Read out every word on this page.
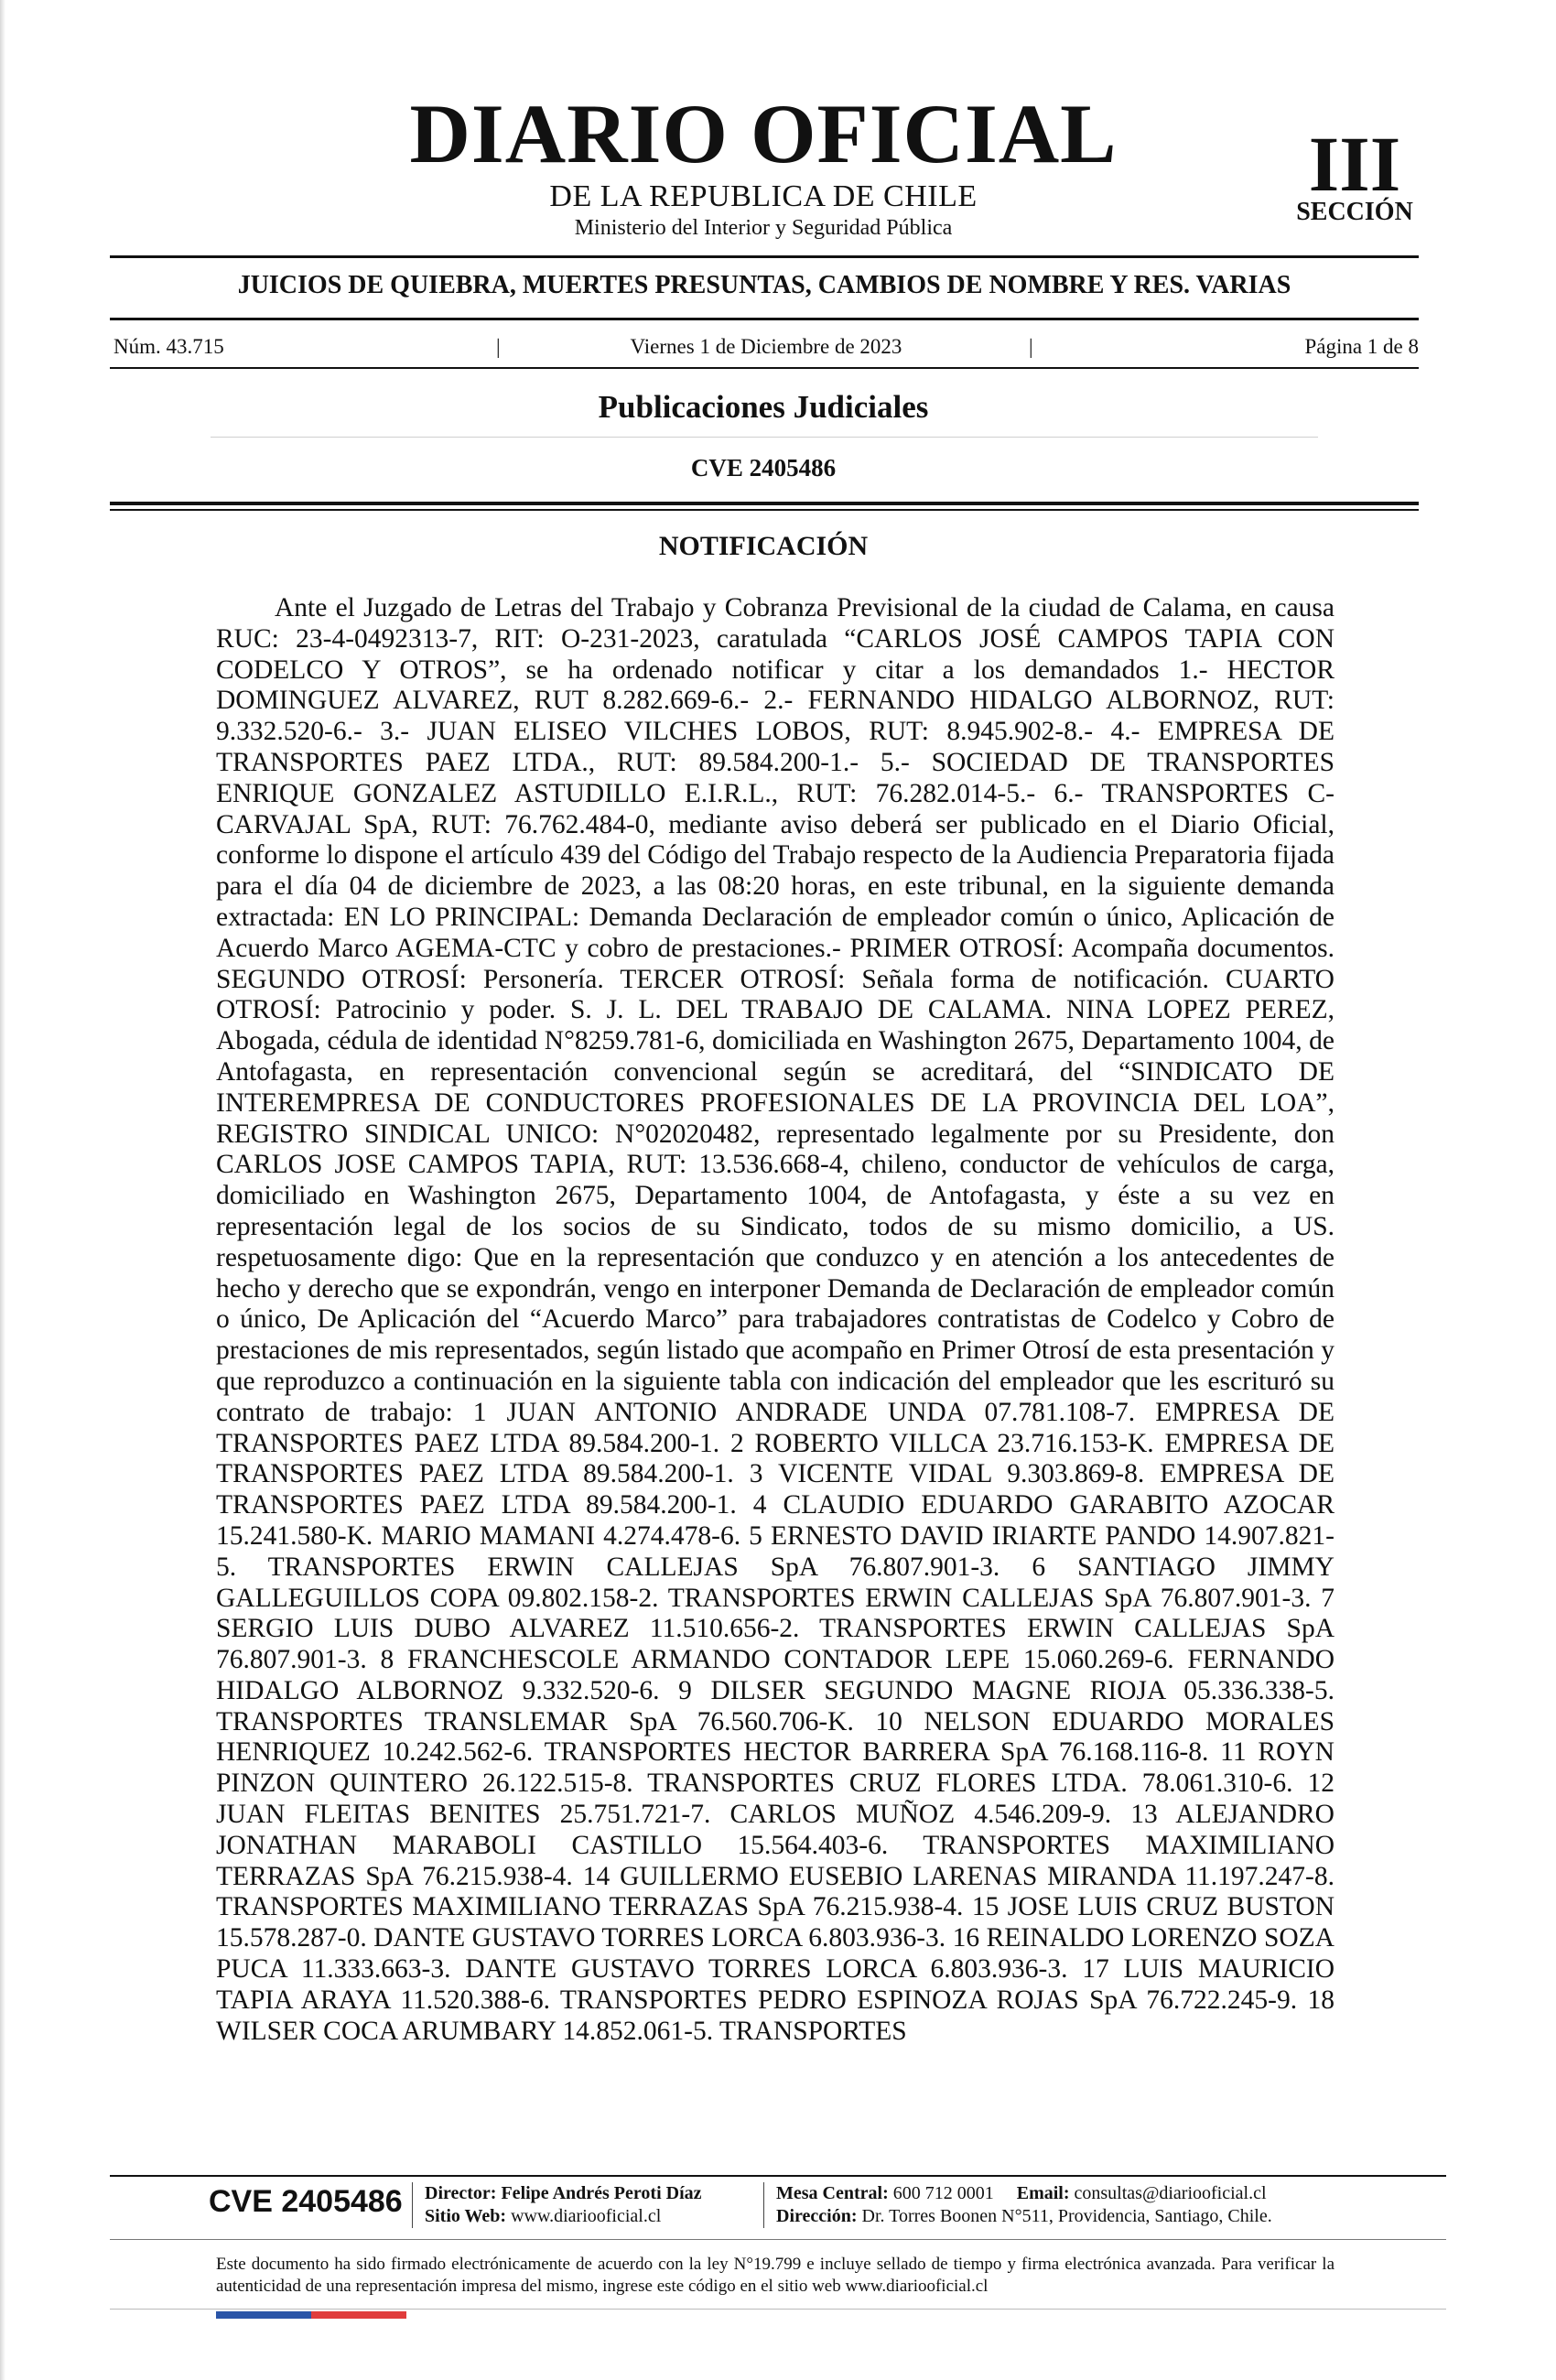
DIARIO OFICIAL
DE LA REPUBLICA DE CHILE
Ministerio del Interior y Seguridad Pública
III
SECCIÓN
JUICIOS DE QUIEBRA, MUERTES PRESUNTAS, CAMBIOS DE NOMBRE Y RES. VARIAS
Núm. 43.715	|	Viernes 1 de Diciembre de 2023	|	Página 1 de 8
Publicaciones Judiciales
CVE 2405486
NOTIFICACIÓN

Ante el Juzgado de Letras del Trabajo y Cobranza Previsional de la ciudad de Calama, en causa RUC: 23-4-0492313-7, RIT: O-231-2023, caratulada “CARLOS JOSÉ CAMPOS TAPIA CON CODELCO Y OTROS”, se ha ordenado notificar y citar a los demandados 1.- HECTOR DOMINGUEZ ALVAREZ, RUT 8.282.669-6.- 2.- FERNANDO HIDALGO ALBORNOZ, RUT: 9.332.520-6.- 3.- JUAN ELISEO VILCHES LOBOS, RUT: 8.945.902-8.- 4.- EMPRESA DE TRANSPORTES PAEZ LTDA., RUT: 89.584.200-1.- 5.- SOCIEDAD DE TRANSPORTES ENRIQUE GONZALEZ ASTUDILLO E.I.R.L., RUT: 76.282.014-5.- 6.- TRANSPORTES C-CARVAJAL SpA, RUT: 76.762.484-0, mediante aviso deberá ser publicado en el Diario Oficial, conforme lo dispone el artículo 439 del Código del Trabajo respecto de la Audiencia Preparatoria fijada para el día 04 de diciembre de 2023, a las 08:20 horas, en este tribunal, en la siguiente demanda extractada: EN LO PRINCIPAL: Demanda Declaración de empleador común o único, Aplicación de Acuerdo Marco AGEMA-CTC y cobro de prestaciones.- PRIMER OTROSÍ: Acompaña documentos. SEGUNDO OTROSÍ: Personería. TERCER OTROSÍ: Señala forma de notificación. CUARTO OTROSÍ: Patrocinio y poder. S. J. L. DEL TRABAJO DE CALAMA. NINA LOPEZ PEREZ, Abogada, cédula de identidad N°8259.781-6, domiciliada en Washington 2675, Departamento 1004, de Antofagasta, en representación convencional según se acreditará, del “SINDICATO DE INTEREMPRESA DE CONDUCTORES PROFESIONALES DE LA PROVINCIA DEL LOA”, REGISTRO SINDICAL UNICO: N°02020482, representado legalmente por su Presidente, don CARLOS JOSE CAMPOS TAPIA, RUT: 13.536.668-4, chileno, conductor de vehículos de carga, domiciliado en Washington 2675, Departamento 1004, de Antofagasta, y éste a su vez en representación legal de los socios de su Sindicato, todos de su mismo domicilio, a US. respetuosamente digo: Que en la representación que conduzco y en atención a los antecedentes de hecho y derecho que se expondrán, vengo en interponer Demanda de Declaración de empleador común o único, De Aplicación del “Acuerdo Marco” para trabajadores contratistas de Codelco y Cobro de prestaciones de mis representados, según listado que acompaño en Primer Otrosí de esta presentación y que reproduzco a continuación en la siguiente tabla con indicación del empleador que les escrituró su contrato de trabajo: 1 JUAN ANTONIO ANDRADE UNDA 07.781.108-7. EMPRESA DE TRANSPORTES PAEZ LTDA 89.584.200-1. 2 ROBERTO VILLCA 23.716.153-K. EMPRESA DE TRANSPORTES PAEZ LTDA 89.584.200-1. 3 VICENTE VIDAL 9.303.869-8. EMPRESA DE TRANSPORTES PAEZ LTDA 89.584.200-1. 4 CLAUDIO EDUARDO GARABITO AZOCAR 15.241.580-K. MARIO MAMANI 4.274.478-6. 5 ERNESTO DAVID IRIARTE PANDO 14.907.821-5. TRANSPORTES ERWIN CALLEJAS SpA 76.807.901-3. 6 SANTIAGO JIMMY GALLEGUILLOS COPA 09.802.158-2. TRANSPORTES ERWIN CALLEJAS SpA 76.807.901-3. 7 SERGIO LUIS DUBO ALVAREZ 11.510.656-2. TRANSPORTES ERWIN CALLEJAS SpA 76.807.901-3. 8 FRANCHESCOLE ARMANDO CONTADOR LEPE 15.060.269-6. FERNANDO HIDALGO ALBORNOZ 9.332.520-6. 9 DILSER SEGUNDO MAGNE RIOJA 05.336.338-5. TRANSPORTES TRANSLEMAR SpA 76.560.706-K. 10 NELSON EDUARDO MORALES HENRIQUEZ 10.242.562-6. TRANSPORTES HECTOR BARRERA SpA 76.168.116-8. 11 ROYN PINZON QUINTERO 26.122.515-8. TRANSPORTES CRUZ FLORES LTDA. 78.061.310-6. 12 JUAN FLEITAS BENITES 25.751.721-7. CARLOS MUÑOZ 4.546.209-9. 13 ALEJANDRO JONATHAN MARABOLI CASTILLO 15.564.403-6. TRANSPORTES MAXIMILIANO TERRAZAS SpA 76.215.938-4. 14 GUILLERMO EUSEBIO LARENAS MIRANDA 11.197.247-8. TRANSPORTES MAXIMILIANO TERRAZAS SpA 76.215.938-4. 15 JOSE LUIS CRUZ BUSTON 15.578.287-0. DANTE GUSTAVO TORRES LORCA 6.803.936-3. 16 REINALDO LORENZO SOZA PUCA 11.333.663-3. DANTE GUSTAVO TORRES LORCA 6.803.936-3. 17 LUIS MAURICIO TAPIA ARAYA 11.520.388-6. TRANSPORTES PEDRO ESPINOZA ROJAS SpA 76.722.245-9. 18 WILSER COCA ARUMBARY 14.852.061-5. TRANSPORTES

CVE 2405486 Director: Felipe Andrés Peroti Díaz
Sitio Web: www.diariooficial.cl
Mesa Central: 600 712 0001 Email: consultas@diariooficial.cl
Dirección: Dr. Torres Boonen N°511, Providencia, Santiago, Chile.

Este documento ha sido firmado electrónicamente de acuerdo con la ley N°19.799 e incluye sellado de tiempo y firma electrónica avanzada. Para verificar la autenticidad de una representación impresa del mismo, ingrese este código en el sitio web www.diariooficial.cl
